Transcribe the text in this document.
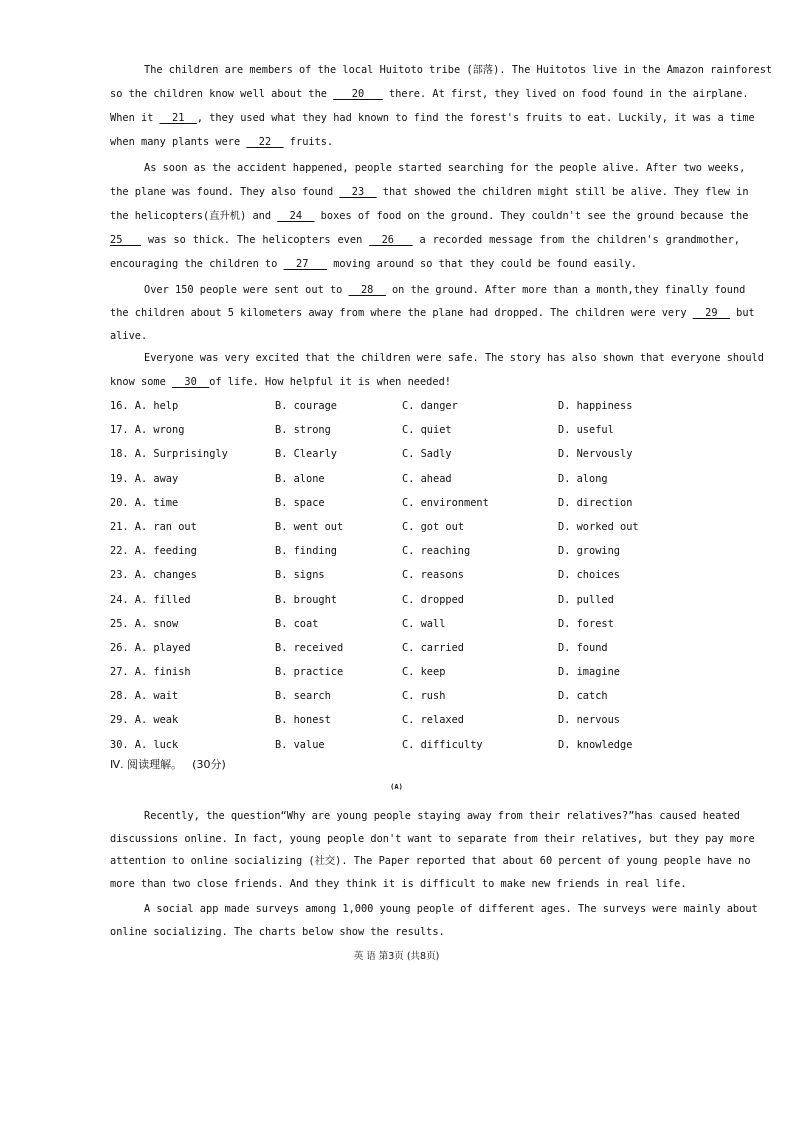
The children are members of the local Huitoto tribe (部落). The Huitotos live in the Amazon rainforest
so the children know well about the ___20___ there. At first, they lived on food found in the airplane.
When it __21__, they used what they had known to find the forest's fruits to eat. Luckily, it was a time
when many plants were __22__ fruits.
As soon as the accident happened, people started searching for the people alive. After two weeks,
the plane was found. They also found __23__ that showed the children might still be alive. They flew in
the helicopters(直升机) and __24__ boxes of food on the ground. They couldn't see the ground because the
25___ was so thick. The helicopters even __26___ a recorded message from the children's grandmother,
encouraging the children to __27___ moving around so that they could be found easily.
Over 150 people were sent out to __28__ on the ground. After more than a month,they finally found
the children about 5 kilometers away from where the plane had dropped. The children were very __29__ but
alive.
Everyone was very excited that the children were safe. The story has also shown that everyone should
know some __30__of life. How helpful it is when needed!
16. A. help	B. courage	C. danger	D. happiness
17. A. wrong	B. strong	C. quiet	D. useful
18. A. Surprisingly	B. Clearly	C. Sadly	D. Nervously
19. A. away	B. alone	C. ahead	D. along
20. A. time	B. space	C. environment	D. direction
21. A. ran out	B. went out	C. got out	D. worked out
22. A. feeding	B. finding	C. reaching	D. growing
23. A. changes	B. signs	C. reasons	D. choices
24. A. filled	B. brought	C. dropped	D. pulled
25. A. snow	B. coat	C. wall	D. forest
26. A. played	B. received	C. carried	D. found
27. A. finish	B. practice	C. keep	D. imagine
28. A. wait	B. search	C. rush	D. catch
29. A. weak	B. honest	C. relaxed	D. nervous
30. A. luck	B. value	C. difficulty	D. knowledge
Ⅳ. 阅读理解。 (30分)
(A)
Recently, the question“Why are young people staying away from their relatives?”has caused heated
discussions online. In fact, young people don't want to separate from their relatives, but they pay more
attention to online socializing (社交). The Paper reported that about 60 percent of young people have no
more than two close friends. And they think it is difficult to make new friends in real life.
A social app made surveys among 1,000 young people of different ages. The surveys were mainly about
online socializing. The charts below show the results.
英 语 第3页 (共8页)
